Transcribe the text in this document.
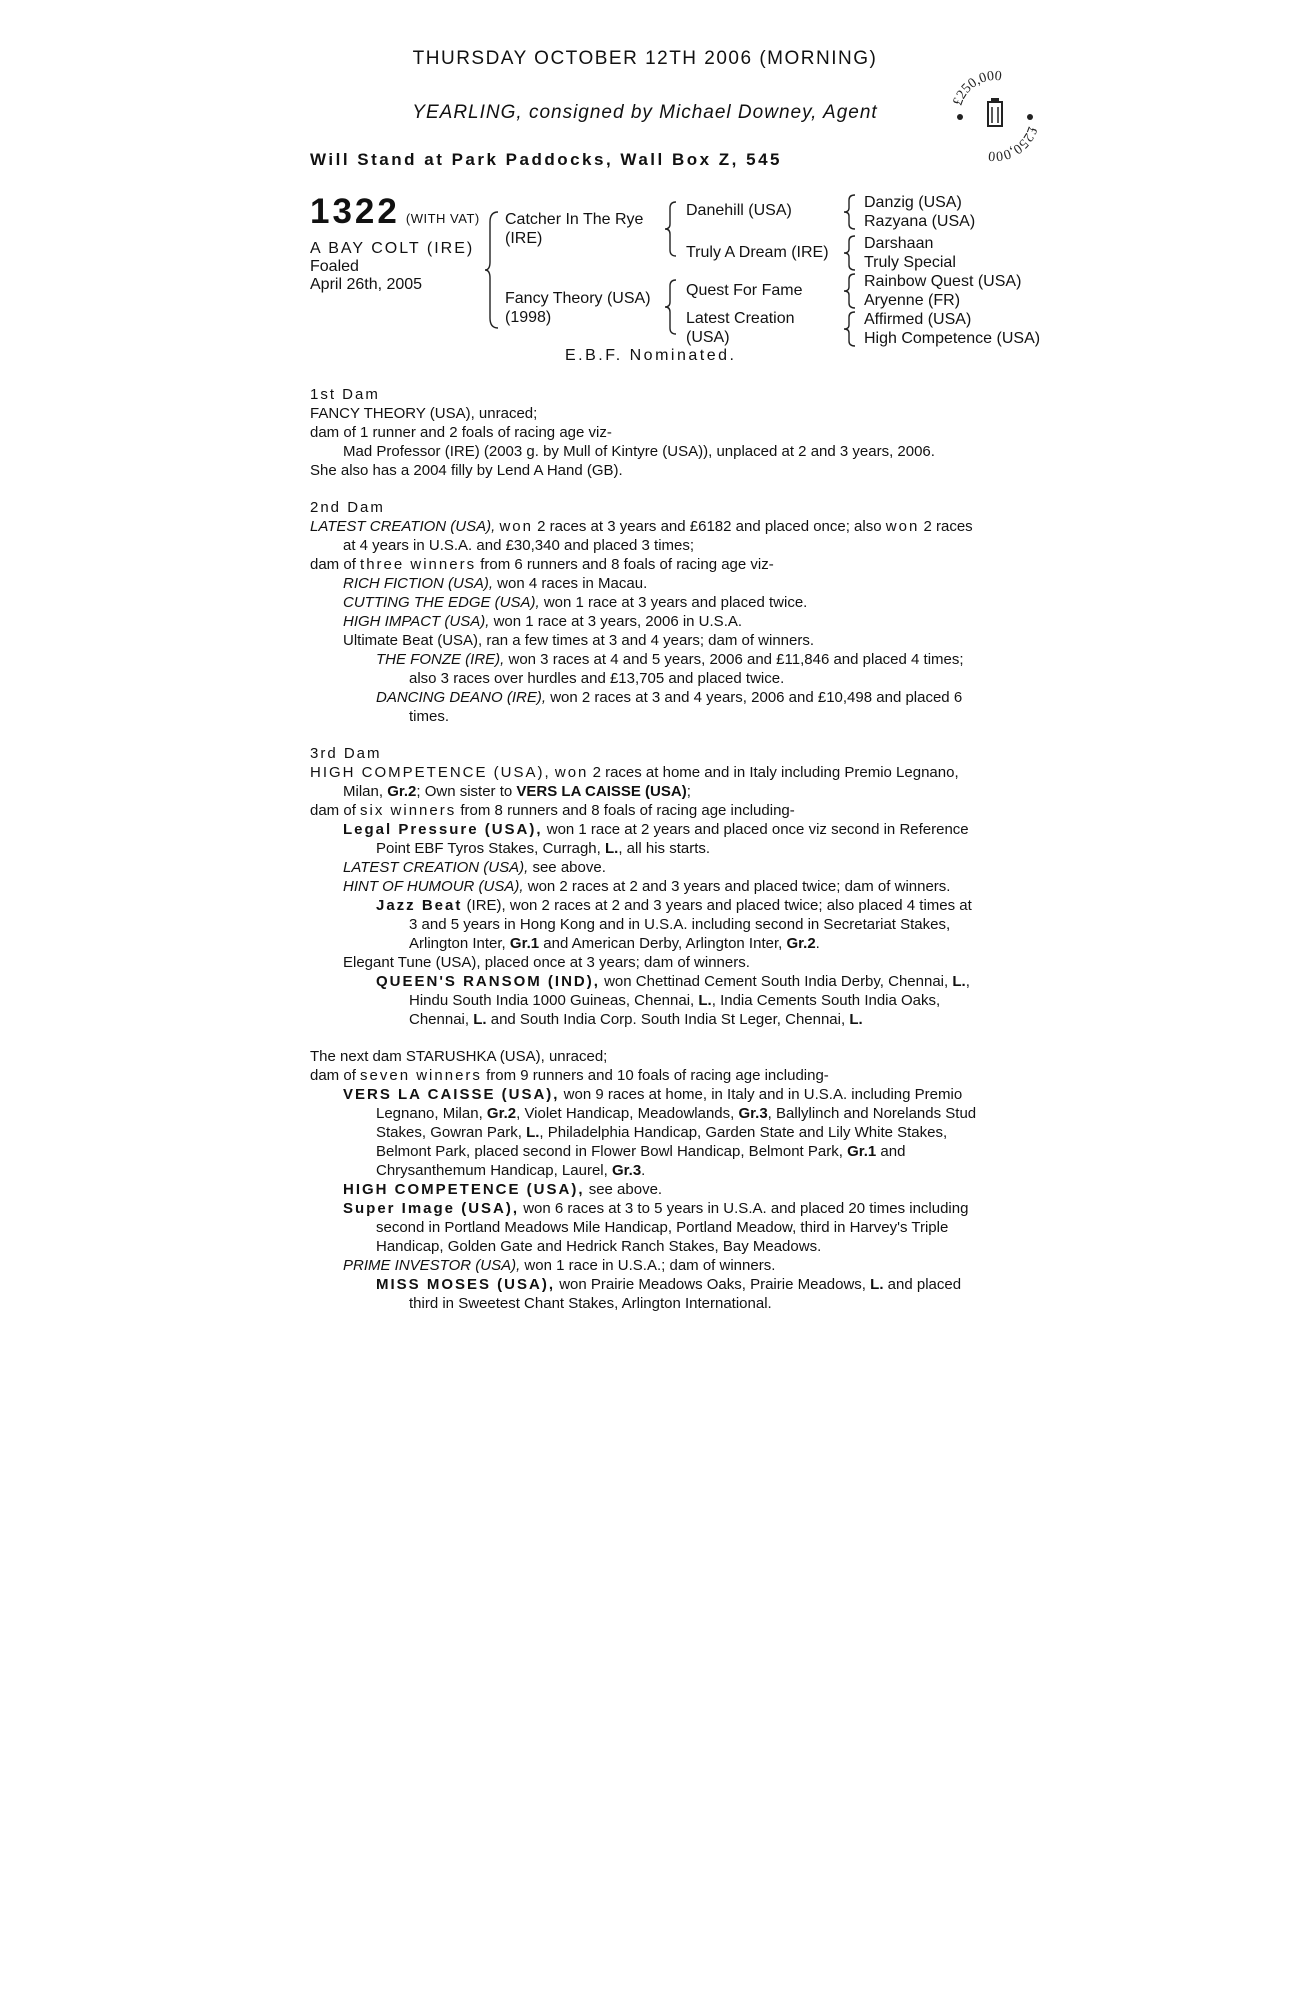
THURSDAY OCTOBER 12TH 2006 (MORNING)
YEARLING, consigned by Michael Downey, Agent
Will Stand at Park Paddocks, Wall Box Z, 545
£250,000
£250,000
1322 (WITH VAT)
A BAY COLT (IRE)
Foaled
April 26th, 2005
Catcher In The Rye
(IRE)
Fancy Theory (USA)
(1998)
Danehill (USA)
Truly A Dream (IRE)
Quest For Fame
Latest Creation
(USA)
Danzig (USA)
Razyana (USA)
Darshaan
Truly Special
Rainbow Quest (USA)
Aryenne (FR)
Affirmed (USA)
High Competence (USA)
E.B.F. Nominated.
1st Dam
FANCY THEORY (USA), unraced;
dam of 1 runner and 2 foals of racing age viz-
Mad Professor (IRE) (2003 g. by Mull of Kintyre (USA)), unplaced at 2 and 3 years, 2006.
She also has a 2004 filly by Lend A Hand (GB).
2nd Dam
LATEST CREATION (USA), won 2 races at 3 years and £6182 and placed once; also won 2 races at 4 years in U.S.A. and £30,340 and placed 3 times;
dam of three winners from 6 runners and 8 foals of racing age viz-
RICH FICTION (USA), won 4 races in Macau.
CUTTING THE EDGE (USA), won 1 race at 3 years and placed twice.
HIGH IMPACT (USA), won 1 race at 3 years, 2006 in U.S.A.
Ultimate Beat (USA), ran a few times at 3 and 4 years; dam of winners.
THE FONZE (IRE), won 3 races at 4 and 5 years, 2006 and £11,846 and placed 4 times; also 3 races over hurdles and £13,705 and placed twice.
DANCING DEANO (IRE), won 2 races at 3 and 4 years, 2006 and £10,498 and placed 6 times.
3rd Dam
HIGH COMPETENCE (USA), won 2 races at home and in Italy including Premio Legnano, Milan, Gr.2; Own sister to VERS LA CAISSE (USA);
dam of six winners from 8 runners and 8 foals of racing age including-
Legal Pressure (USA), won 1 race at 2 years and placed once viz second in Reference Point EBF Tyros Stakes, Curragh, L., all his starts.
LATEST CREATION (USA), see above.
HINT OF HUMOUR (USA), won 2 races at 2 and 3 years and placed twice; dam of winners.
Jazz Beat (IRE), won 2 races at 2 and 3 years and placed twice; also placed 4 times at 3 and 5 years in Hong Kong and in U.S.A. including second in Secretariat Stakes, Arlington Inter, Gr.1 and American Derby, Arlington Inter, Gr.2.
Elegant Tune (USA), placed once at 3 years; dam of winners.
QUEEN'S RANSOM (IND), won Chettinad Cement South India Derby, Chennai, L., Hindu South India 1000 Guineas, Chennai, L., India Cements South India Oaks, Chennai, L. and South India Corp. South India St Leger, Chennai, L.
The next dam STARUSHKA (USA), unraced;
dam of seven winners from 9 runners and 10 foals of racing age including-
VERS LA CAISSE (USA), won 9 races at home, in Italy and in U.S.A. including Premio Legnano, Milan, Gr.2, Violet Handicap, Meadowlands, Gr.3, Ballylinch and Norelands Stud Stakes, Gowran Park, L., Philadelphia Handicap, Garden State and Lily White Stakes, Belmont Park, placed second in Flower Bowl Handicap, Belmont Park, Gr.1 and Chrysanthemum Handicap, Laurel, Gr.3.
HIGH COMPETENCE (USA), see above.
Super Image (USA), won 6 races at 3 to 5 years in U.S.A. and placed 20 times including second in Portland Meadows Mile Handicap, Portland Meadow, third in Harvey's Triple Handicap, Golden Gate and Hedrick Ranch Stakes, Bay Meadows.
PRIME INVESTOR (USA), won 1 race in U.S.A.; dam of winners.
MISS MOSES (USA), won Prairie Meadows Oaks, Prairie Meadows, L. and placed third in Sweetest Chant Stakes, Arlington International.
